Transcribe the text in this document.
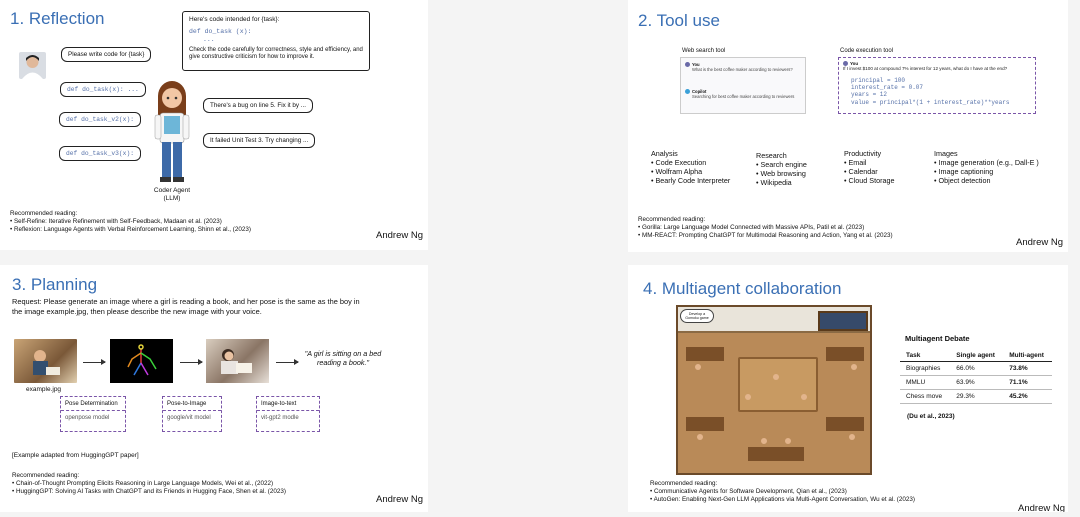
1. Reflection	Here's code intended for {task}:
def do_task (x):
...
Check the code carefully for correctness, style and efficiency, and give constructive criticism for how to improve it.
Please write code for {task}
def do_task(x): ...
def do_task_v2(x):
def do_task_v3(x):
Coder Agent
(LLM)
There's a bug on line 5. Fix it by ...
It failed Unit Test 3. Try changing ...
Recommended reading:
• Self-Refine: Iterative Refinement with Self-Feedback, Madaan et al. (2023)
• Reflexion: Language Agents with Verbal Reinforcement Learning, Shinn et al., (2023)
Andrew Ng
2. Tool use
Web search tool
You
What is the best coffee maker according to reviewers?
Copilot
Searching for best coffee maker according to reviewers
Code execution tool
You
If I invest $100 at compound 7% interest for 12 years, what do I have at the end?
principal = 100
interest_rate = 0.07
years = 12
value = principal*(1 + interest_rate)**years
Analysis
• Code Execution
• Wolfram Alpha
• Bearly Code Interpreter
Research
• Search engine
• Web browsing
• Wikipedia
Productivity
• Email
• Calendar
• Cloud Storage
Images
• Image generation (e.g., Dall-E )
• Image captioning
• Object detection
Recommended reading:
• Gorilla: Large Language Model Connected with Massive APIs, Patil et al. (2023)
• MM-REACT: Prompting ChatGPT for Multimodal Reasoning and Action, Yang et al. (2023)
Andrew Ng
3. Planning
Request: Please generate an image where a girl is reading a book, and her pose is the same as the boy in the image example.jpg, then please describe the new image with your voice.
example.jpg
"A girl is sitting on a bed reading a book."
Pose Determination
openpose model
Pose-to-Image
google/vit model
Image-to-text
vit-gpt2 modle
[Example adapted from HuggingGPT paper]
Recommended reading:
• Chain-of-Thought Prompting Elicits Reasoning in Large Language Models, Wei et al., (2022)
• HuggingGPT: Solving AI Tasks with ChatGPT and its Friends in Hugging Face, Shen et al. (2023)
Andrew Ng
4. Multiagent collaboration
Develop a Gomoku game
Multiagent Debate
Task	Single agent	Multi-agent
Biographies	66.0%	73.8%
MMLU	63.9%	71.1%
Chess move	29.3%	45.2%
(Du et al., 2023)
Recommended reading:
• Communicative Agents for Software Development, Qian et al., (2023)
• AutoGen: Enabling Next-Gen LLM Applications via Multi-Agent Conversation, Wu et al. (2023)
Andrew Ng
